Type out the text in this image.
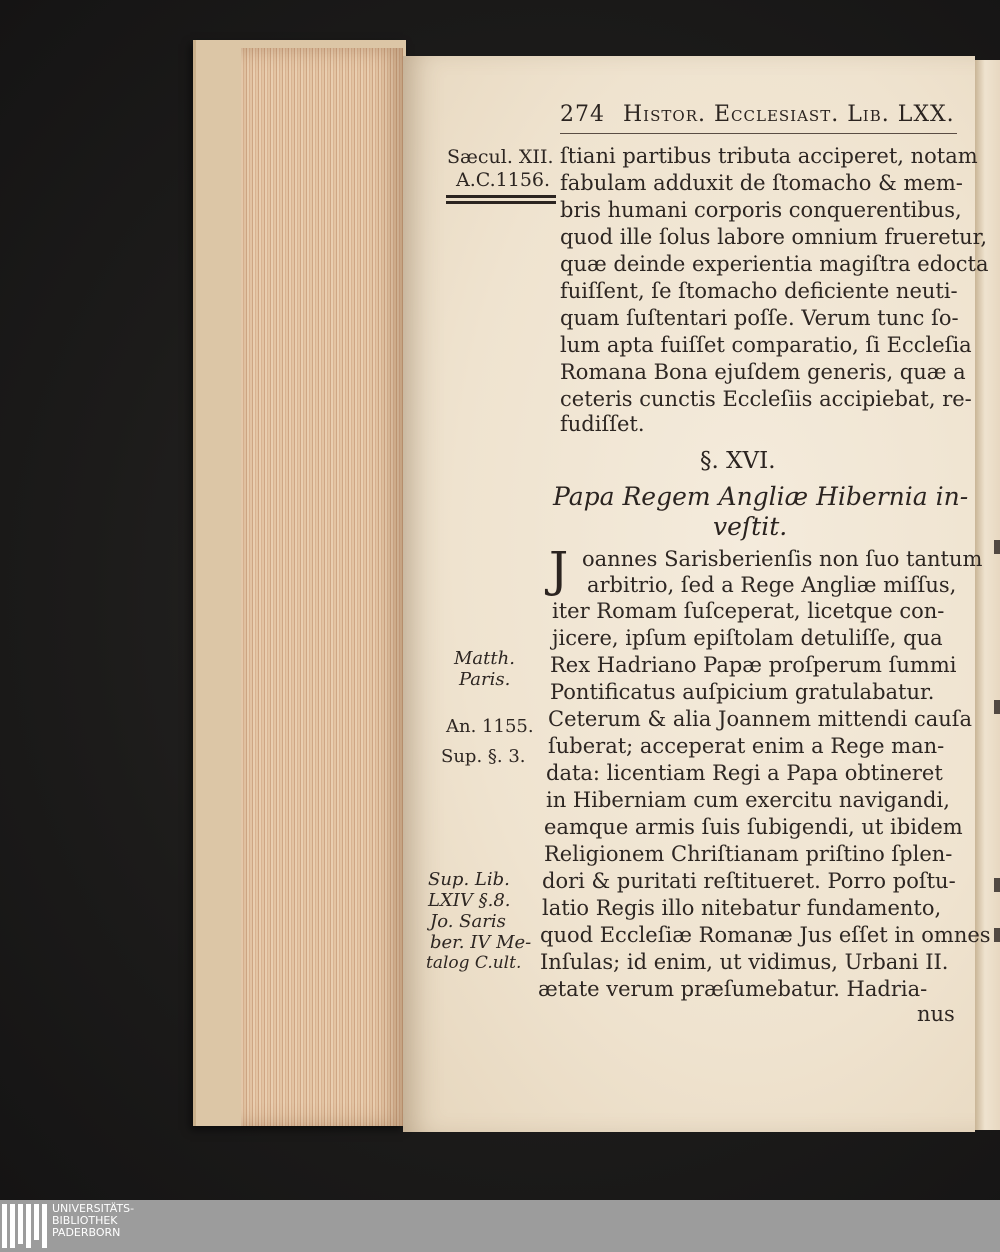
274 Histor. Ecclesiast. Lib. LXX.
Sæcul. XII.
A.C.1156.
ſtiani partibus tributa acciperet, notam
fabulam adduxit de ſtomacho & mem-
bris humani corporis conquerentibus,
quod ille ſolus labore omnium frueretur,
quæ deinde experientia magiſtra edocta
fuiſſent, ſe ſtomacho deficiente neuti-
quam ſuſtentari poſſe. Verum tunc ſo-
lum apta fuiſſet comparatio, ſi Eccleſia
Romana Bona ejuſdem generis, quæ a
ceteris cunctis Eccleſiis accipiebat, re-
fudiſſet.
§. XVI.
Papa Regem Angliæ Hibernia in-
veſtit.
J oannes Sarisberienſis non ſuo tantum
arbitrio, ſed a Rege Angliæ miſſus,
iter Romam ſuſceperat, licetque con-
jicere, ipſum epiſtolam detuliſſe, qua
Rex Hadriano Papæ proſperum ſummi
Pontificatus auſpicium gratulabatur.
Ceterum & alia Joannem mittendi cauſa
ſuberat; acceperat enim a Rege man-
data: licentiam Regi a Papa obtineret
in Hiberniam cum exercitu navigandi,
eamque armis ſuis ſubigendi, ut ibidem
Religionem Chriſtianam priſtino ſplen-
dori & puritati reſtitueret. Porro poſtu-
latio Regis illo nitebatur fundamento,
quod Eccleſiæ Romanæ Jus eſſet in omnes
Inſulas; id enim, ut vidimus, Urbani II.
ætate verum præſumebatur. Hadria-
nus
Matth.
Paris.
An. 1155.
Sup. §. 3.
Sup. Lib.
LXIV §.8.
Jo. Saris
ber. IV Me-
talog C.ult.
UNIVERSITÄTS-
BIBLIOTHEK
PADERBORN
